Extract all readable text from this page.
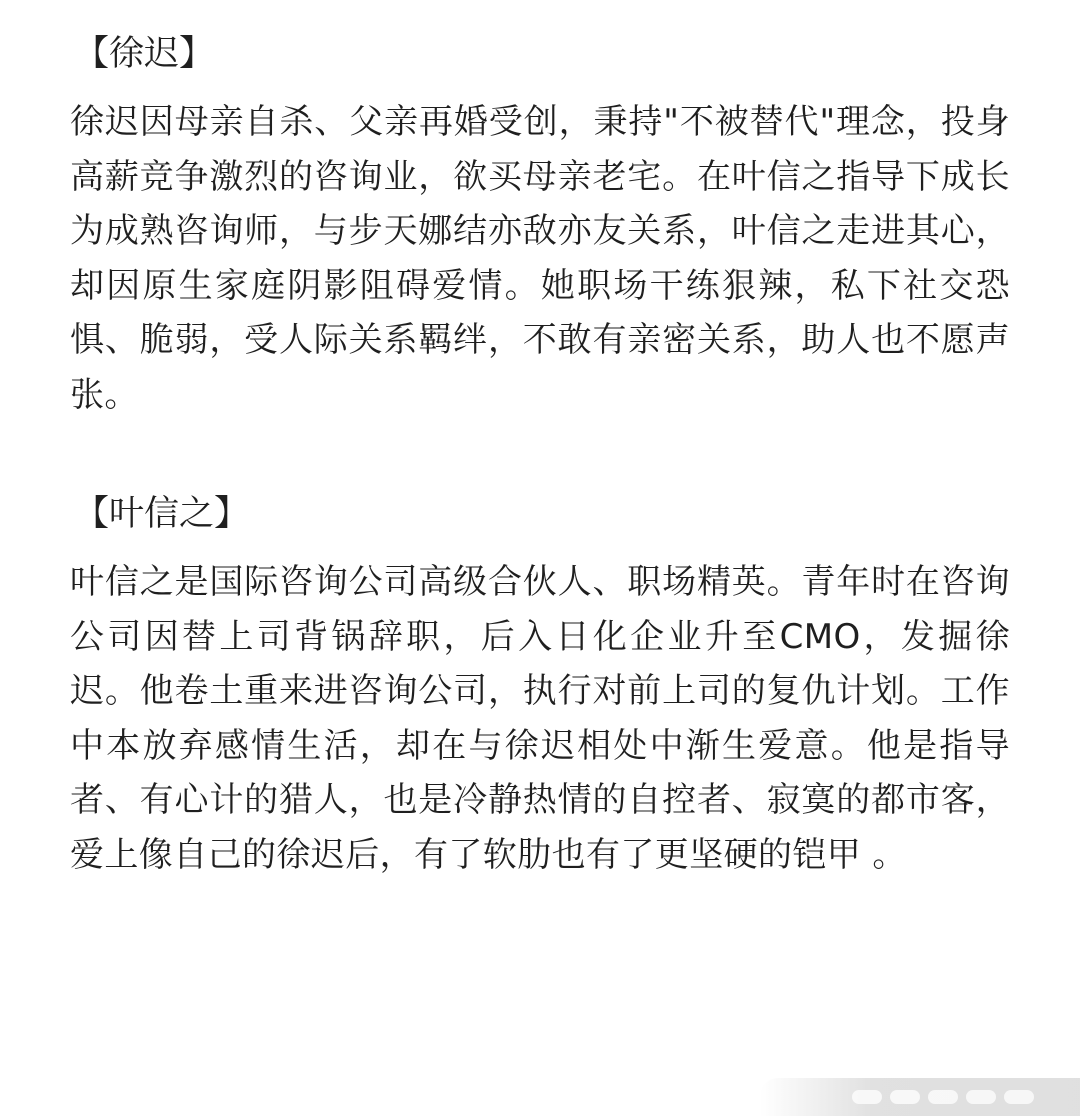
【徐迟】
徐迟因母亲自杀、父亲再婚受创，秉持"不被替代"理念，投身高薪竞争激烈的咨询业，欲买母亲老宅。在叶信之指导下成长为成熟咨询师，与步天娜结亦敌亦友关系，叶信之走进其心，却因原生家庭阴影阻碍爱情。她职场干练狠辣，私下社交恐惧、脆弱，受人际关系羁绊，不敢有亲密关系，助人也不愿声张。
【叶信之】
叶信之是国际咨询公司高级合伙人、职场精英。青年时在咨询公司因替上司背锅辞职，后入日化企业升至CMO，发掘徐迟。他卷土重来进咨询公司，执行对前上司的复仇计划。工作中本放弃感情生活，却在与徐迟相处中渐生爱意。他是指导者、有心计的猎人，也是冷静热情的自控者、寂寞的都市客，爱上像自己的徐迟后，有了软肋也有了更坚硬的铠甲 。
